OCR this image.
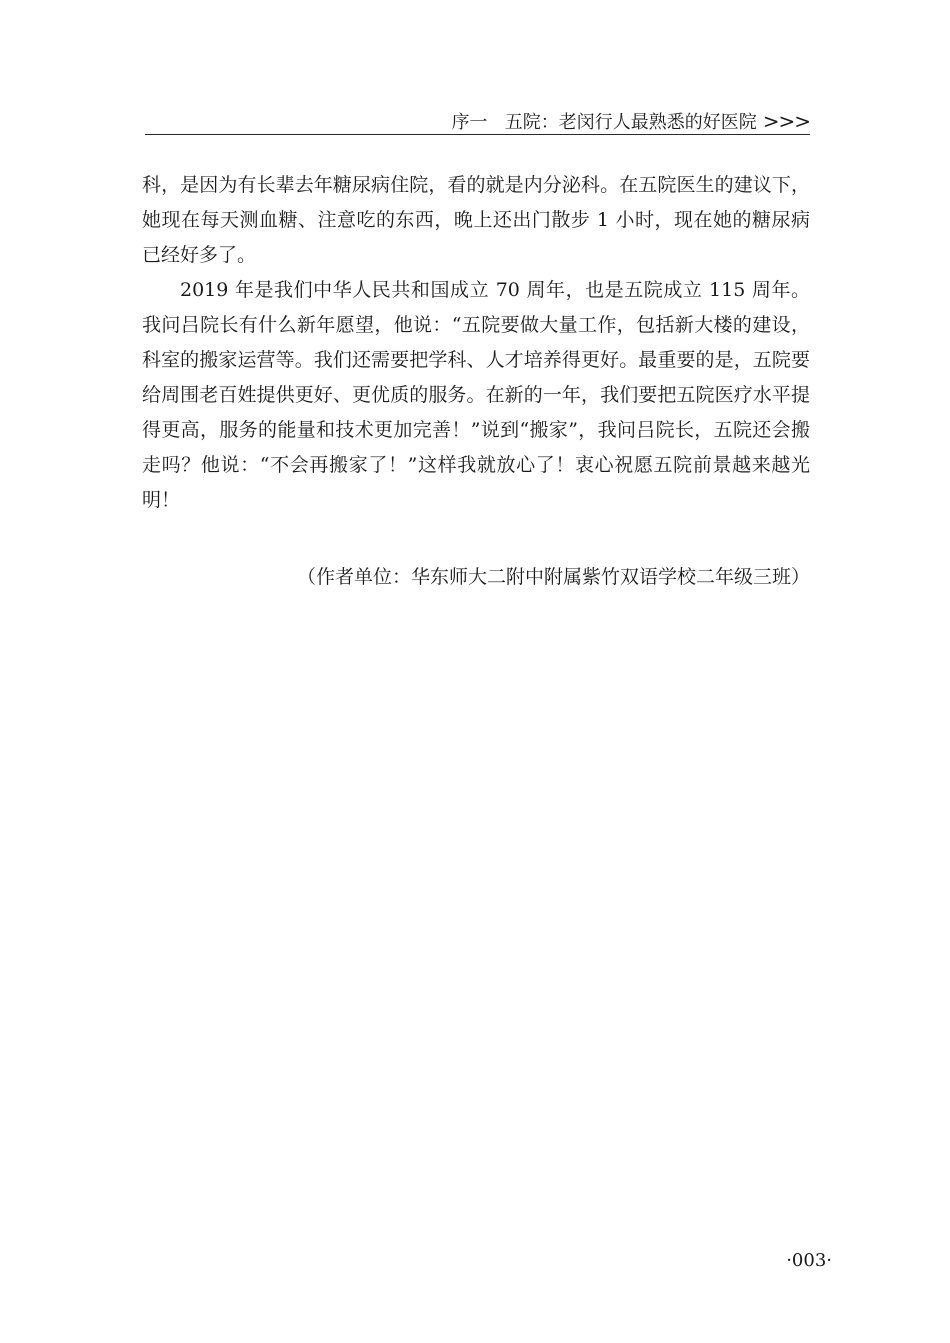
序一 五院：老闵行人最熟悉的好医院 >>>

科，是因为有长辈去年糖尿病住院，看的就是内分泌科。在五院医生的建议下，她现在每天测血糖、注意吃的东西，晚上还出门散步 1 小时，现在她的糖尿病已经好多了。

2019 年是我们中华人民共和国成立 70 周年，也是五院成立 115 周年。我问吕院长有什么新年愿望，他说：“五院要做大量工作，包括新大楼的建设，科室的搬家运营等。我们还需要把学科、人才培养得更好。最重要的是，五院要给周围老百姓提供更好、更优质的服务。在新的一年，我们要把五院医疗水平提得更高，服务的能量和技术更加完善！”说到“搬家”，我问吕院长，五院还会搬走吗？他说：“不会再搬家了！”这样我就放心了！衷心祝愿五院前景越来越光明！

（作者单位：华东师大二附中附属紫竹双语学校二年级三班）
·003·
